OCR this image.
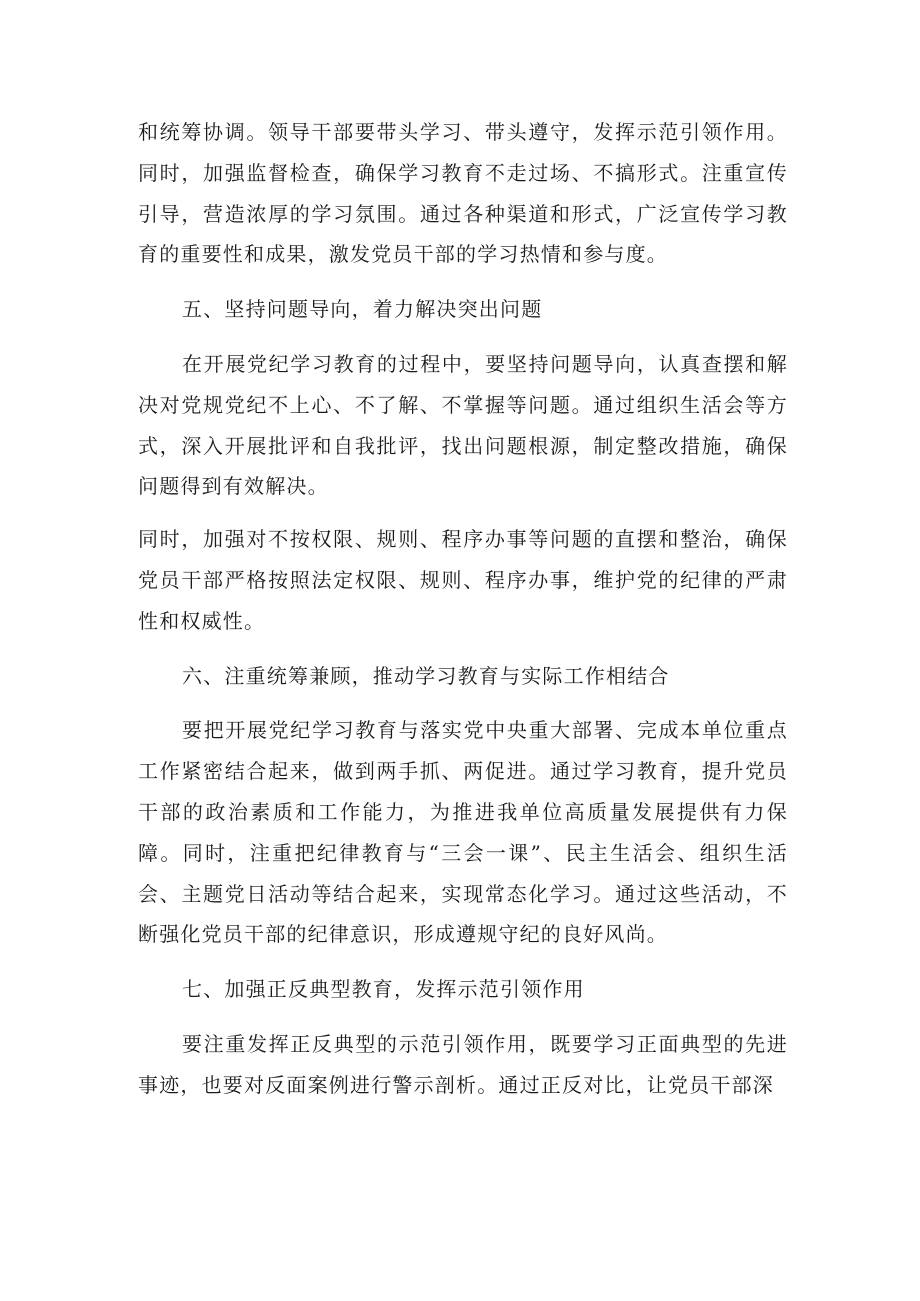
和统筹协调。领导干部要带头学习、带头遵守，发挥示范引领作用。同时，加强监督检查，确保学习教育不走过场、不搞形式。注重宣传引导，营造浓厚的学习氛围。通过各种渠道和形式，广泛宣传学习教育的重要性和成果，激发党员干部的学习热情和参与度。

五、坚持问题导向，着力解决突出问题

在开展党纪学习教育的过程中，要坚持问题导向，认真查摆和解决对党规党纪不上心、不了解、不掌握等问题。通过组织生活会等方式，深入开展批评和自我批评，找出问题根源，制定整改措施，确保问题得到有效解决。

同时，加强对不按权限、规则、程序办事等问题的直摆和整治，确保党员干部严格按照法定权限、规则、程序办事，维护党的纪律的严肃性和权威性。

六、注重统筹兼顾，推动学习教育与实际工作相结合

要把开展党纪学习教育与落实党中央重大部署、完成本单位重点工作紧密结合起来，做到两手抓、两促进。通过学习教育，提升党员干部的政治素质和工作能力，为推进我单位高质量发展提供有力保障。同时，注重把纪律教育与“三会一课”、民主生活会、组织生活会、主题党日活动等结合起来，实现常态化学习。通过这些活动，不断强化党员干部的纪律意识，形成遵规守纪的良好风尚。

七、加强正反典型教育，发挥示范引领作用

要注重发挥正反典型的示范引领作用，既要学习正面典型的先进事迹，也要对反面案例进行警示剖析。通过正反对比，让党员干部深
